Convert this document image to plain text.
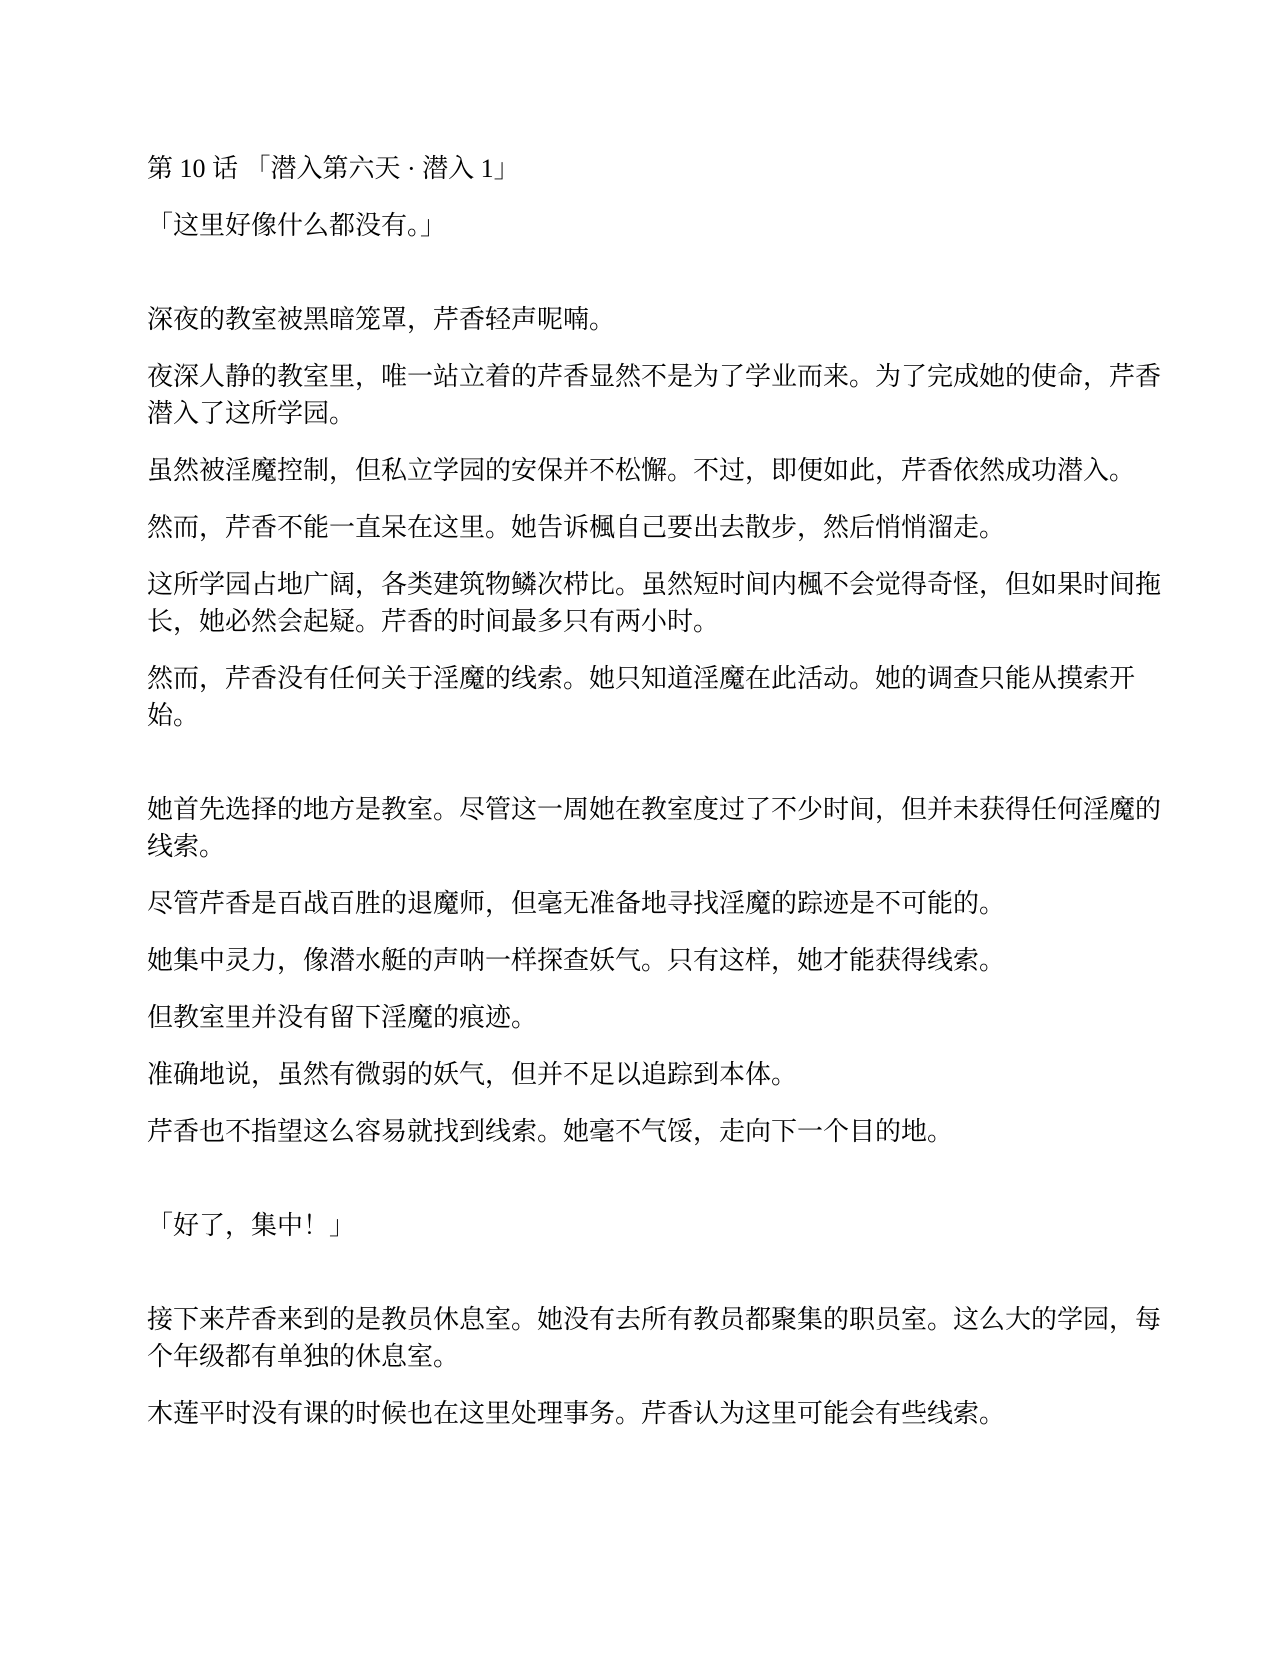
第 10 话 「潜入第六天 · 潜入 1」

「这里好像什么都没有。」

深夜的教室被黑暗笼罩，芹香轻声呢喃。

夜深人静的教室里，唯一站立着的芹香显然不是为了学业而来。为了完成她的使命，芹香潜入了这所学园。

虽然被淫魔控制，但私立学园的安保并不松懈。不过，即便如此，芹香依然成功潜入。

然而，芹香不能一直呆在这里。她告诉楓自己要出去散步，然后悄悄溜走。

这所学园占地广阔，各类建筑物鳞次栉比。虽然短时间内楓不会觉得奇怪，但如果时间拖长，她必然会起疑。芹香的时间最多只有两小时。

然而，芹香没有任何关于淫魔的线索。她只知道淫魔在此活动。她的调查只能从摸索开始。

她首先选择的地方是教室。尽管这一周她在教室度过了不少时间，但并未获得任何淫魔的线索。

尽管芹香是百战百胜的退魔师，但毫无准备地寻找淫魔的踪迹是不可能的。

她集中灵力，像潜水艇的声呐一样探查妖气。只有这样，她才能获得线索。

但教室里并没有留下淫魔的痕迹。

准确地说，虽然有微弱的妖气，但并不足以追踪到本体。

芹香也不指望这么容易就找到线索。她毫不气馁，走向下一个目的地。

「好了，集中！」

接下来芹香来到的是教员休息室。她没有去所有教员都聚集的职员室。这么大的学园，每个年级都有单独的休息室。

木莲平时没有课的时候也在这里处理事务。芹香认为这里可能会有些线索。
